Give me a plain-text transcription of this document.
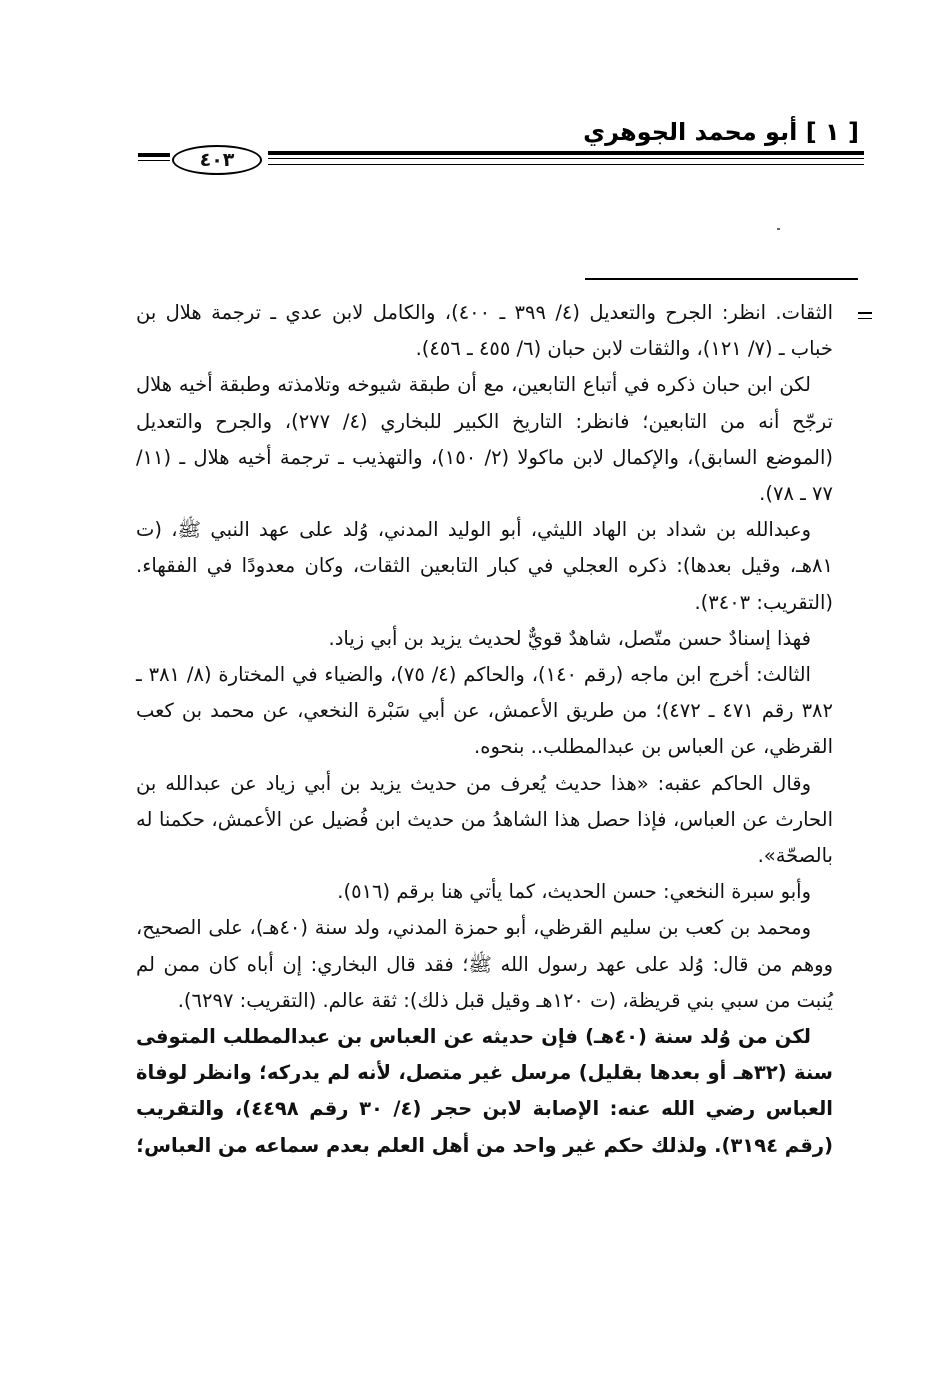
[ ١ ] أبو محمد الجوهري
٤٠٣

الثقات. انظر: الجرح والتعديل (٤/ ٣٩٩ ـ ٤٠٠)، والكامل لابن عدي ـ ترجمة هلال بن خباب ـ (٧/ ١٢١)، والثقات لابن حبان (٦/ ٤٥٥ ـ ٤٥٦).

لكن ابن حبان ذكره في أتباع التابعين، مع أن طبقة شيوخه وتلامذته وطبقة أخيه هلال ترجّح أنه من التابعين؛ فانظر: التاريخ الكبير للبخاري (٤/ ٢٧٧)، والجرح والتعديل (الموضع السابق)، والإكمال لابن ماكولا (٢/ ١٥٠)، والتهذيب ـ ترجمة أخيه هلال ـ (١١/ ٧٧ ـ ٧٨).

وعبدالله بن شداد بن الهاد الليثي، أبو الوليد المدني، وُلد على عهد النبي ﷺ، (ت ٨١هـ، وقيل بعدها): ذكره العجلي في كبار التابعين الثقات، وكان معدودًا في الفقهاء. (التقريب: ٣٤٠٣).

فهذا إسنادٌ حسن متّصل، شاهدٌ قويٌّ لحديث يزيد بن أبي زياد.

الثالث: أخرج ابن ماجه (رقم ١٤٠)، والحاكم (٤/ ٧٥)، والضياء في المختارة (٨/ ٣٨١ ـ ٣٨٢ رقم ٤٧١ ـ ٤٧٢)؛ من طريق الأعمش، عن أبي سَبْرة النخعي، عن محمد بن كعب القرظي، عن العباس بن عبدالمطلب.. بنحوه.

وقال الحاكم عقبه: «هذا حديث يُعرف من حديث يزيد بن أبي زياد عن عبدالله بن الحارث عن العباس، فإذا حصل هذا الشاهدُ من حديث ابن فُضيل عن الأعمش، حكمنا له بالصحّة».

وأبو سبرة النخعي: حسن الحديث، كما يأتي هنا برقم (٥١٦).

ومحمد بن كعب بن سليم القرظي، أبو حمزة المدني، ولد سنة (٤٠هـ)، على الصحيح، ووهم من قال: وُلد على عهد رسول الله ﷺ؛ فقد قال البخاري: إن أباه كان ممن لم يُنبت من سبي بني قريظة، (ت ١٢٠هـ وقيل قبل ذلك): ثقة عالم. (التقريب: ٦٢٩٧).

لكن من وُلد سنة (٤٠هـ) فإن حديثه عن العباس بن عبدالمطلب المتوفى سنة (٣٢هـ أو بعدها بقليل) مرسل غير متصل، لأنه لم يدركه؛ وانظر لوفاة العباس رضي الله عنه: الإصابة لابن حجر (٤/ ٣٠ رقم ٤٤٩٨)، والتقريب (رقم ٣١٩٤). ولذلك حكم غير واحد من أهل العلم بعدم سماعه من العباس؛
